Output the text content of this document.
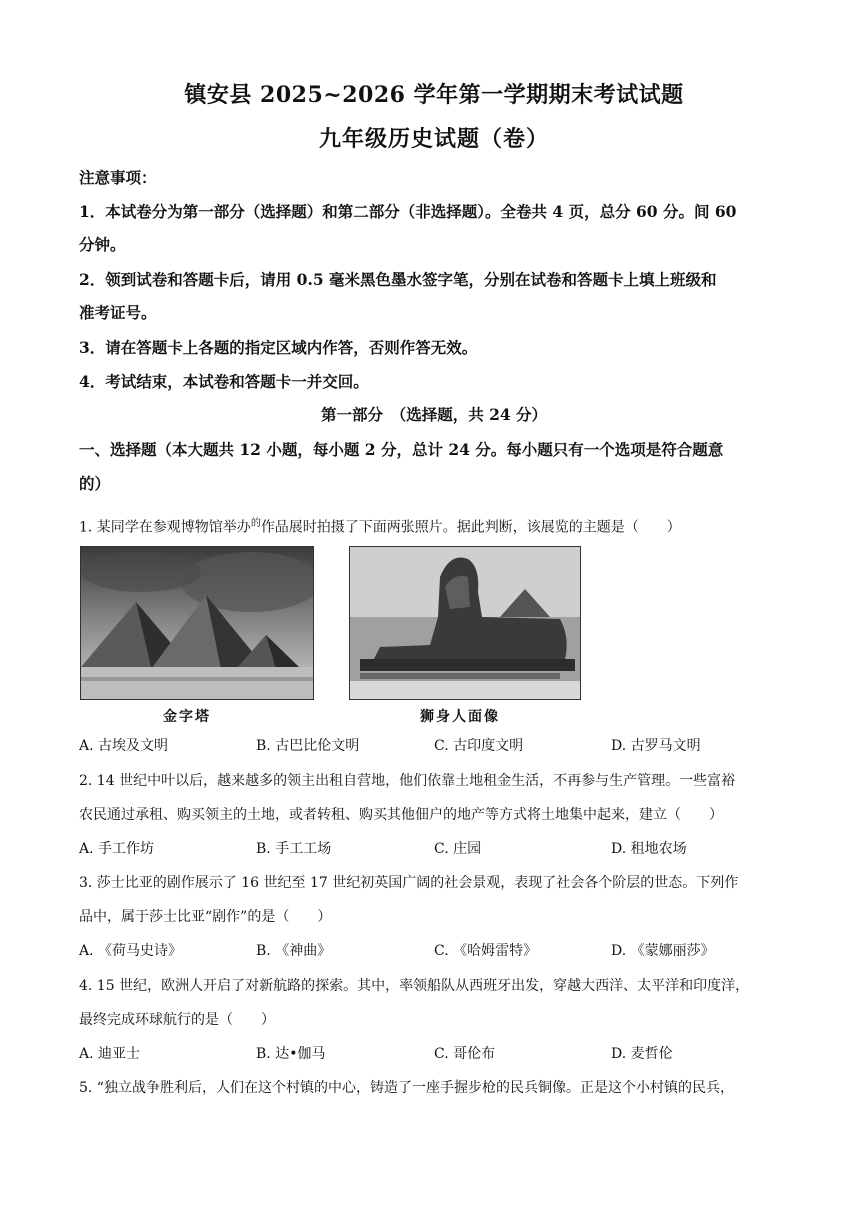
镇安县 2025~2026 学年第一学期期末考试试题
九年级历史试题（卷）
注意事项：
1．本试卷分为第一部分（选择题）和第二部分（非选择题）。全卷共 4 页，总分 60 分。间 60
分钟。
2．领到试卷和答题卡后，请用 0.5 毫米黑色墨水签字笔，分别在试卷和答题卡上填上班级和
准考证号。
3．请在答题卡上各题的指定区域内作答，否则作答无效。
4．考试结束，本试卷和答题卡一并交回。
第一部分　（选择题，共 24 分）
一、选择题（本大题共 12 小题，每小题 2 分，总计 24 分。每小题只有一个选项是符合题意
的）
1. 某同学在参观博物馆举办$^的$作品展时拍摄了下面两张照片。据此判断，该展览的主题是（　　）
金字塔	狮身人面像
A. 古埃及文明	B. 古巴比伦文明	C. 古印度文明	D. 古罗马文明
2. 14 世纪中叶以后，越来越多的领主出租自营地，他们依靠土地租金生活，不再参与生产管理。一些富裕
农民通过承租、购买领主的土地，或者转租、购买其他佃户的地产等方式将土地集中起来，建立（　　）
A. 手工作坊	B. 手工工场	C. 庄园	D. 租地农场
3. 莎士比亚的剧作展示了 16 世纪至 17 世纪初英国广阔的社会景观，表现了社会各个阶层的世态。下列作
品中，属于莎士比亚“剧作”的是（　　）
A. 《荷马史诗》	B. 《神曲》	C. 《哈姆雷特》	D. 《蒙娜丽莎》
4. 15 世纪，欧洲人开启了对新航路的探索。其中，率领船队从西班牙出发，穿越大西洋、太平洋和印度洋，
最终完成环球航行的是（　　）
A. 迪亚士	B. 达•伽马	C. 哥伦布	D. 麦哲伦
5. “独立战争胜利后，人们在这个村镇的中心，铸造了一座手握步枪的民兵铜像。正是这个小村镇的民兵，
